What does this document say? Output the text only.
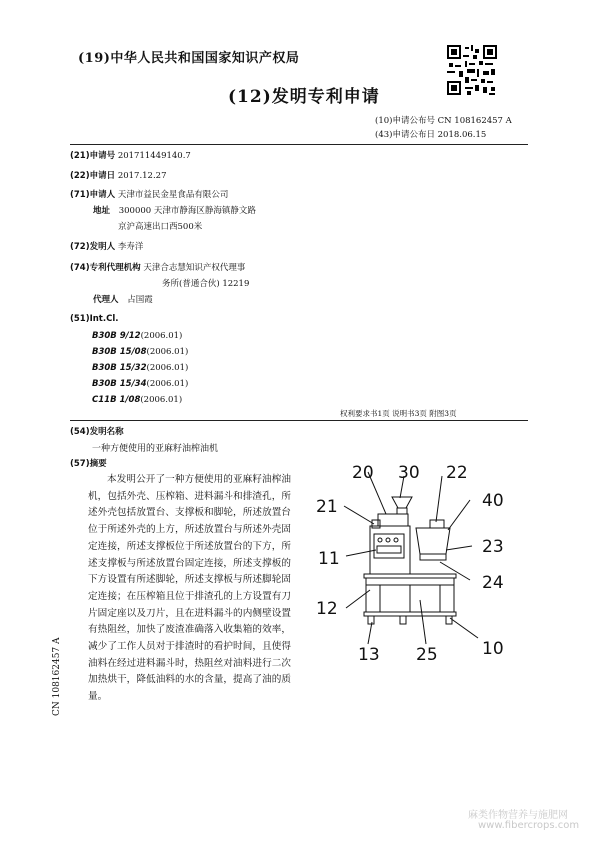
(19)中华人民共和国国家知识产权局
(12)发明专利申请
(10)申请公布号 CN 108162457 A
(43)申请公布日 2018.06.15
(21)申请号 201711449140.7
(22)申请日 2017.12.27
(71)申请人 天津市益民金星食品有限公司
地址 300000 天津市静海区静海镇静文路
京沪高速出口西500米
(72)发明人 李寿洋
(74)专利代理机构 天津合志慧知识产权代理事
务所(普通合伙) 12219
代理人 占国霞
(51)Int.Cl.
B30B 9/12(2006.01)
B30B 15/08(2006.01)
B30B 15/32(2006.01)
B30B 15/34(2006.01)
C11B 1/08(2006.01)
权利要求书1页 说明书3页 附图3页
(54)发明名称
一种方便使用的亚麻籽油榨油机
(57)摘要
本发明公开了一种方便使用的亚麻籽油榨油机，包括外壳、压榨箱、进料漏斗和排渣孔，所述外壳包括放置台、支撑板和脚轮，所述放置台位于所述外壳的上方，所述放置台与所述外壳固定连接，所述支撑板位于所述放置台的下方，所述支撑板与所述放置台固定连接，所述支撑板的下方设置有所述脚轮，所述支撑板与所述脚轮固定连接；在压榨箱且位于排渣孔的上方设置有刀片固定座以及刀片，且在进料漏斗的内侧壁设置有热阻丝，加快了废渣准确落入收集箱的效率，减少了工作人员对于排渣时的看护时间，且使得油料在经过进料漏斗时，热阻丝对油料进行二次加热烘干，降低油料的水的含量，提高了油的质量。
20 30 22
21	40
11
23
24
12
13 25	10
CN 108162457 A
麻类作物营养与施肥网
www.fibercrops.com
